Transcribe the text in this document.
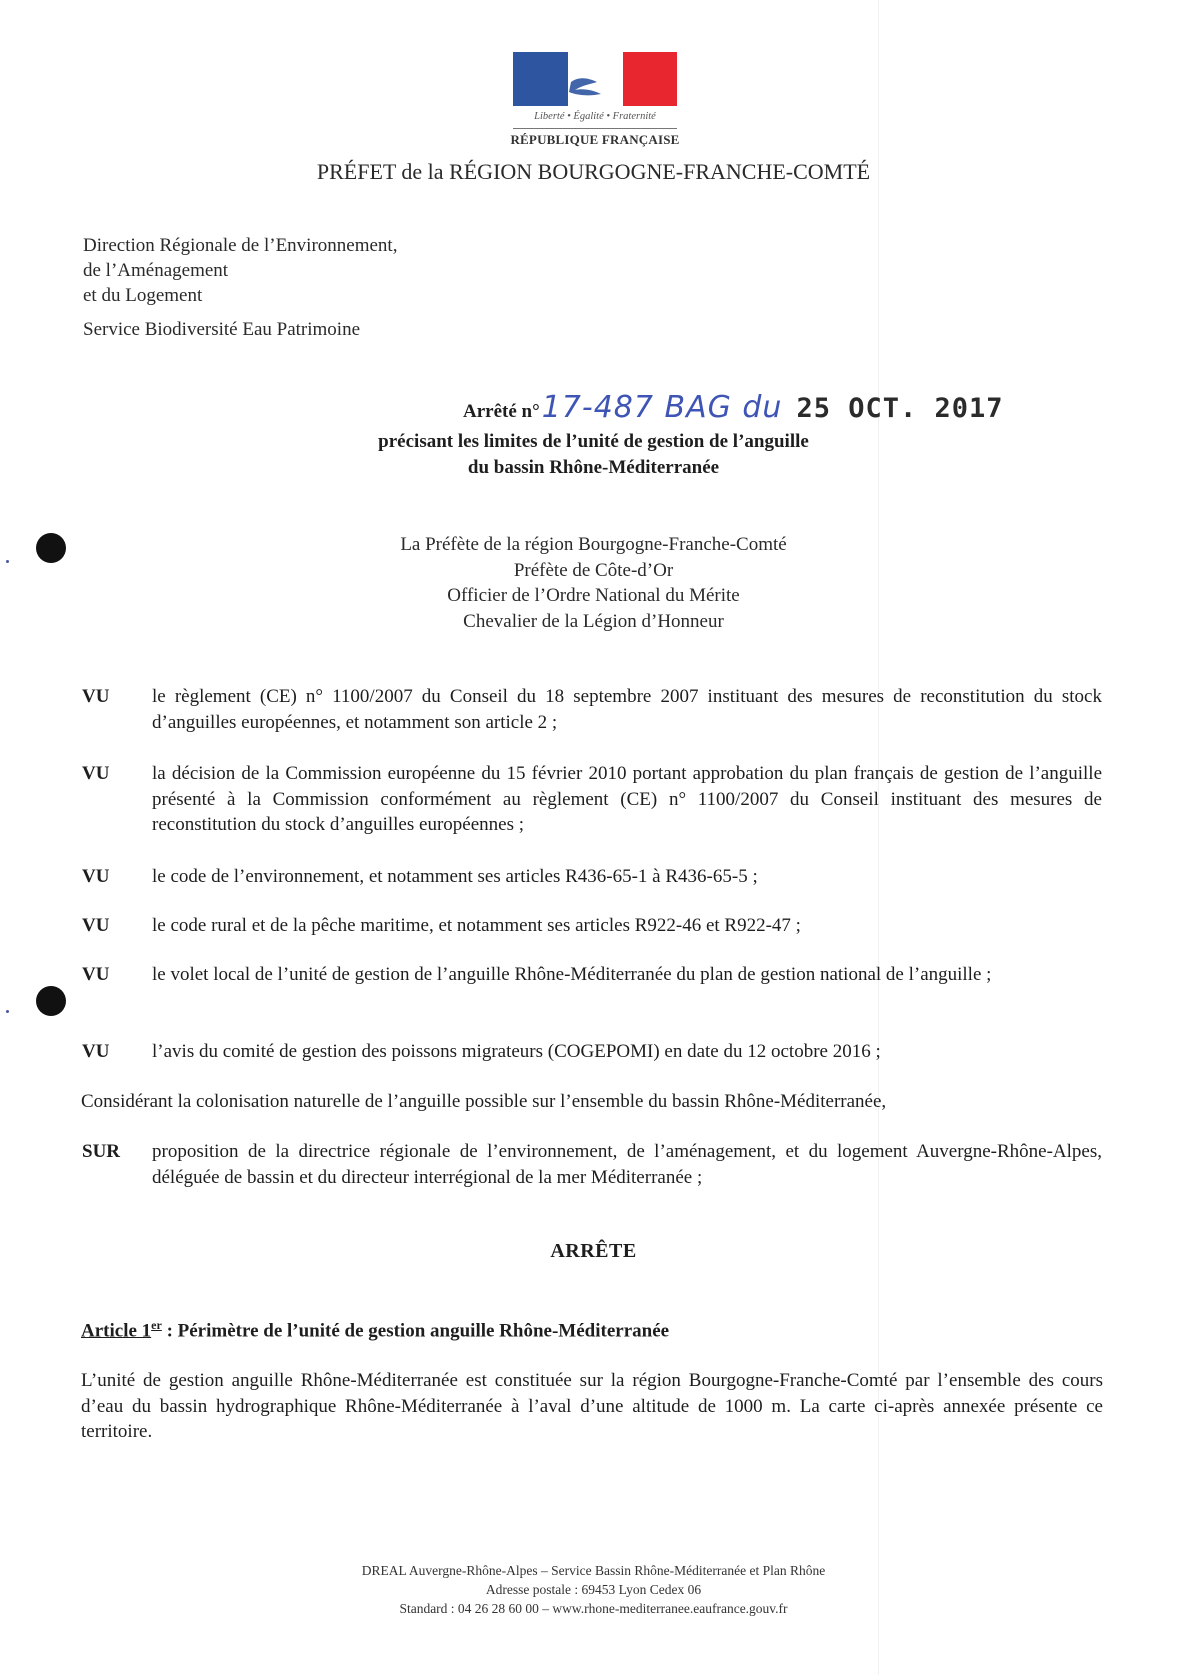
Liberté • Égalité • Fraternité
RÉPUBLIQUE FRANÇAISE
PRÉFET de la RÉGION BOURGOGNE-FRANCHE-COMTÉ
Direction Régionale de l’Environnement,
de l’Aménagement
et du Logement
Service Biodiversité Eau Patrimoine
Arrêté n°17-487 BAG du 25 OCT. 2017
précisant les limites de l’unité de gestion de l’anguille
du bassin Rhône-Méditerranée
La Préfète de la région Bourgogne-Franche-Comté
Préfète de Côte-d’Or
Officier de l’Ordre National du Mérite
Chevalier de la Légion d’Honneur
VU le règlement (CE) n° 1100/2007 du Conseil du 18 septembre 2007 instituant des mesures de reconstitution du stock d’anguilles européennes, et notamment son article 2 ;
VU la décision de la Commission européenne du 15 février 2010 portant approbation du plan français de gestion de l’anguille présenté à la Commission conformément au règlement (CE) n° 1100/2007 du Conseil instituant des mesures de reconstitution du stock d’anguilles européennes ;
VU le code de l’environnement, et notamment ses articles R436-65-1 à R436-65-5 ;
VU le code rural et de la pêche maritime, et notamment ses articles R922-46 et R922-47 ;
VU le volet local de l’unité de gestion de l’anguille Rhône-Méditerranée du plan de gestion national de l’anguille ;
VU l’avis du comité de gestion des poissons migrateurs (COGEPOMI) en date du 12 octobre 2016 ;
Considérant la colonisation naturelle de l’anguille possible sur l’ensemble du bassin Rhône-Méditerranée,
SUR proposition de la directrice régionale de l’environnement, de l’aménagement, et du logement Auvergne-Rhône-Alpes, déléguée de bassin et du directeur interrégional de la mer Méditerranée ;
ARRÊTE
Article 1er : Périmètre de l’unité de gestion anguille Rhône-Méditerranée
L’unité de gestion anguille Rhône-Méditerranée est constituée sur la région Bourgogne-Franche-Comté par l’ensemble des cours d’eau du bassin hydrographique Rhône-Méditerranée à l’aval d’une altitude de 1000 m. La carte ci-après annexée présente ce territoire.
DREAL Auvergne-Rhône-Alpes – Service Bassin Rhône-Méditerranée et Plan Rhône
Adresse postale : 69453 Lyon Cedex 06
Standard : 04 26 28 60 00 – www.rhone-mediterranee.eaufrance.gouv.fr
